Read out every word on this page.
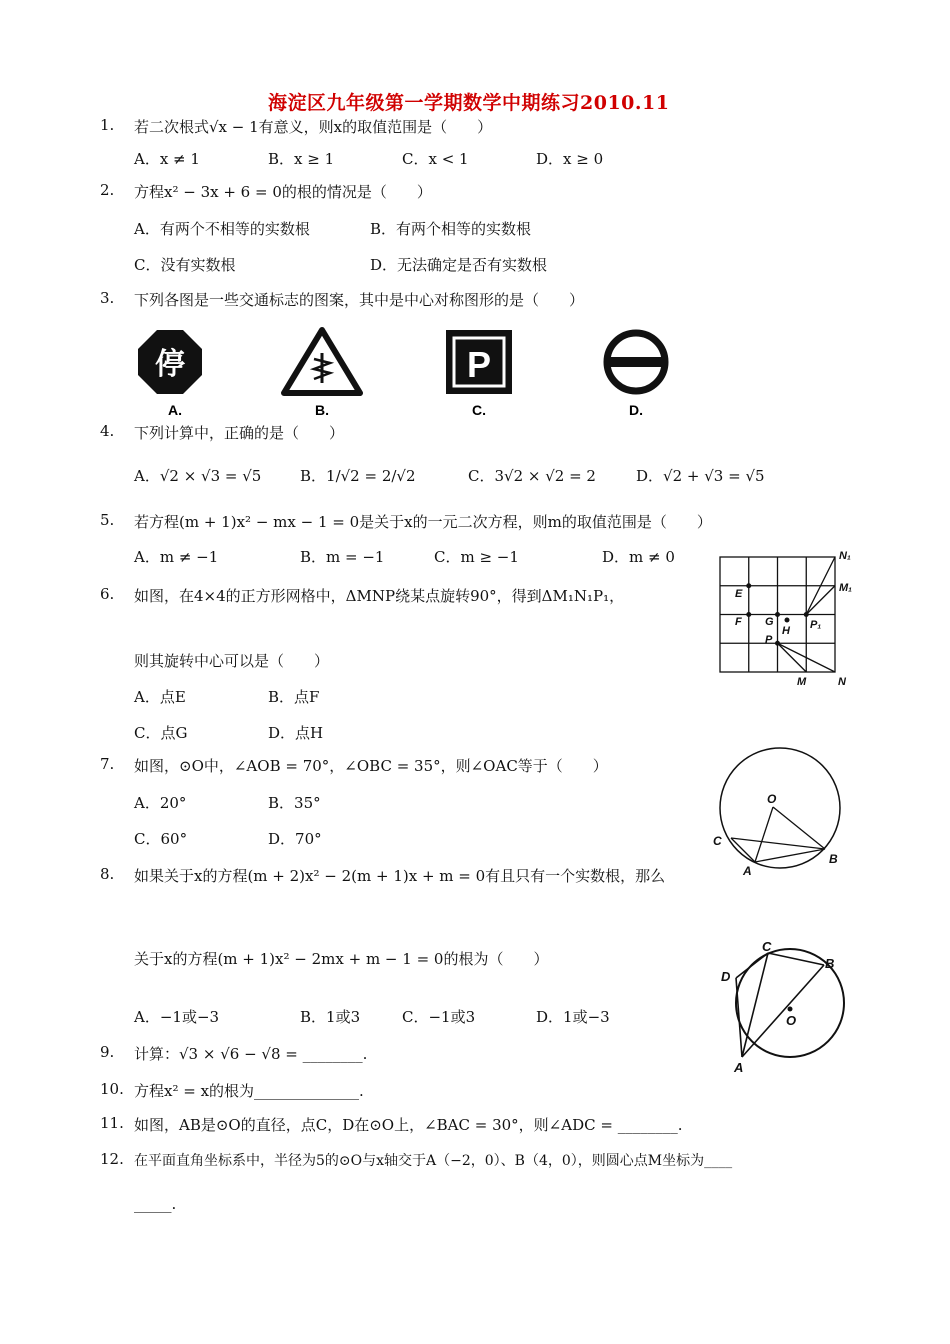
海淀区九年级第一学期数学中期练习2010.11
1.	若二次根式√x − 1有意义，则x的取值范围是（　　）
A．x ≠ 1	B．x ≥ 1	C．x < 1	D．x ≥ 0
2.	方程x² − 3x + 6 = 0的根的情况是（　　）
A．有两个不相等的实数根	B．有两个相等的实数根
C．没有实数根	D．无法确定是否有实数根
3.	下列各图是一些交通标志的图案，其中是中心对称图形的是（　　）
停
A.	B.
P
C.	D.
4.	下列计算中，正确的是（　　）
A．√2 × √3 = √5	B．1/√2 = 2/√2	C．3√2 × √2 = 2	D．√2 + √3 = √5
5.	若方程(m + 1)x² − mx − 1 = 0是关于x的一元二次方程，则m的取值范围是（　　）
A．m ≠ −1	B．m = −1	C．m ≥ −1	D．m ≠ 0
6.	如图，在4×4的正方形网格中，ΔMNP绕某点旋转90°，得到ΔM₁N₁P₁，
则其旋转中心可以是（　　）
A．点E	B．点F
C．点G	D．点H
N₁
M₁
E
F G
H P₁
P
M	N
7.	如图，⊙O中，∠AOB = 70°，∠OBC = 35°，则∠OAC等于（　　）
A．20°	B．35°
C．60°	D．70°
O
C
A
B
8.	如果关于x的方程(m + 2)x² − 2(m + 1)x + m = 0有且只有一个实数根，那么
关于x的方程(m + 1)x² − 2mx + m − 1 = 0的根为（　　）
A．−1或−3	B．1或3	C．−1或3	D．1或−3
C
B
D
O
A
9.	计算：√3 × √6 − √8 = ________.
10. 方程x² = x的根为______________.
11. 如图，AB是⊙O的直径，点C，D在⊙O上，∠BAC = 30°，则∠ADC = ________.
12. 在平面直角坐标系中，半径为5的⊙O与x轴交于A（−2，0）、B（4，0），则圆心点M坐标为____
_____.
